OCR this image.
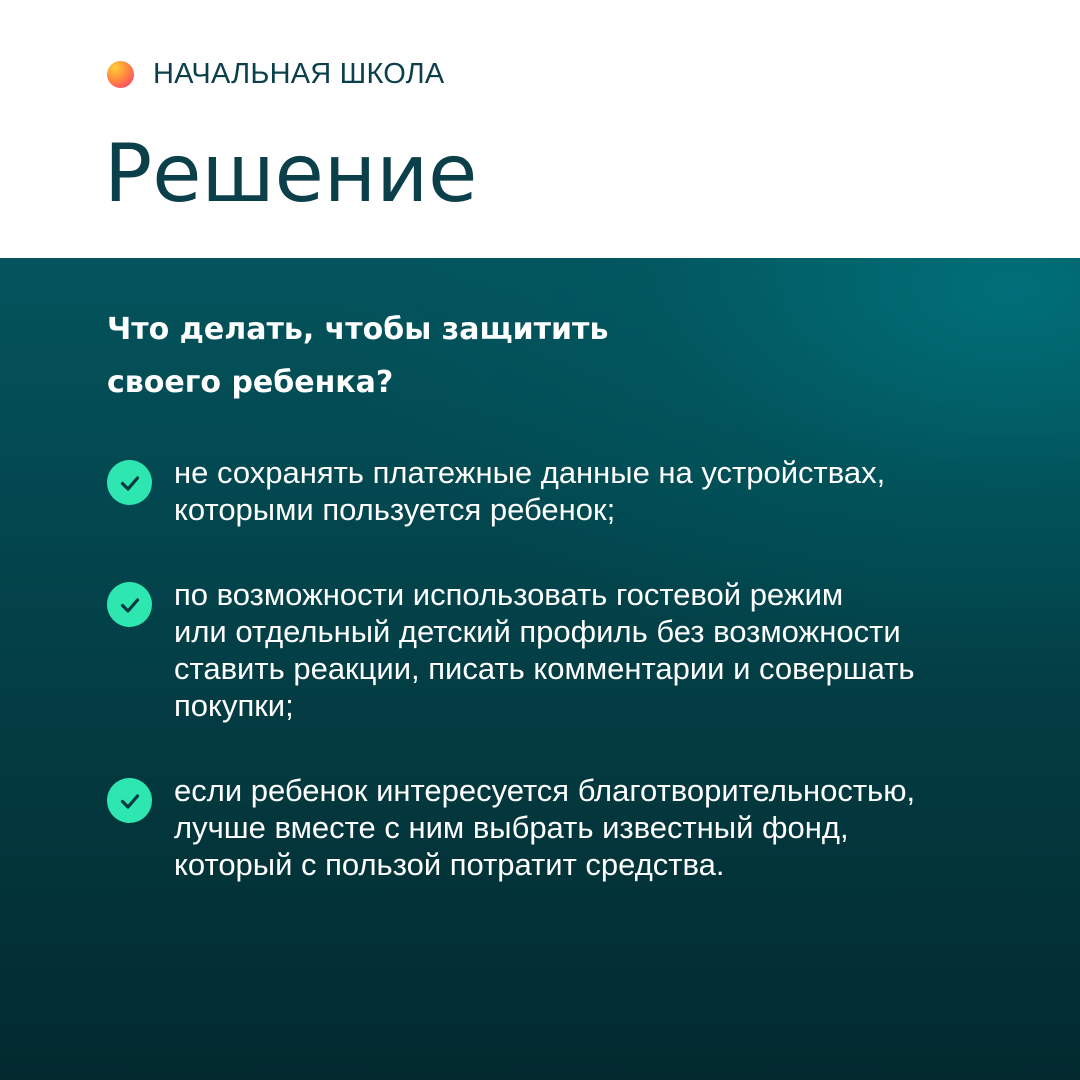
НАЧАЛЬНАЯ ШКОЛА
Решение

Что делать, чтобы защитить
своего ребенка?

не сохранять платежные данные на устройствах,
которыми пользуется ребенок;
по возможности использовать гостевой режим
или отдельный детский профиль без возможности
ставить реакции, писать комментарии и совершать
покупки;
если ребенок интересуется благотворительностью,
лучше вместе с ним выбрать известный фонд,
который с пользой потратит средства.
